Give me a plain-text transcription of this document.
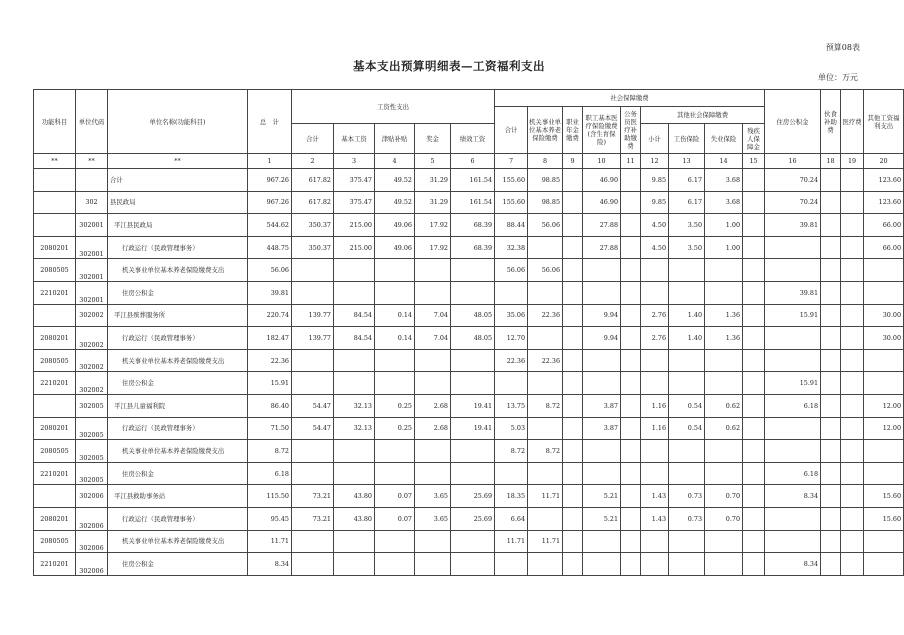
预算08表
基本支出预算明细表—工资福利支出
单位：万元
功能科目	单位代码	单位名称(功能科目)	总　计	工资性支出					社会保障缴费									住房公积金	伙食补助费	医疗费	其他工资福利支出
									合计	机关事业单位基本养老保险缴费	职业年金缴费	职工基本医疗保险缴费(含生育保险)	公务员医疗补助缴费	其他社会保障缴费							
				合计	基本工资	津贴补贴	奖金	绩效工资						小计	工伤保险	失业保险	残疾人保障金				
**	**	**	1	2	3	4	5	6	7	8	9	10	11	12	13	14	15	16	18	19	20
		合计	967.26	617.82	375.47	49.52	31.29	161.54	155.60	98.85		46.90		9.85	6.17	3.68		70.24			123.60
	302	县民政局	967.26	617.82	375.47	49.52	31.29	161.54	155.60	98.85		46.90		9.85	6.17	3.68		70.24			123.60
	302001	平江县民政局	544.62	350.37	215.00	49.06	17.92	68.39	88.44	56.06		27.88		4.50	3.50	1.00		39.81			66.00
2080201	302001	行政运行（民政管理事务）	448.75	350.37	215.00	49.06	17.92	68.39	32.38			27.88		4.50	3.50	1.00					66.00
2080505	302001	机关事业单位基本养老保险缴费支出	56.06						56.06	56.06											
2210201	302001	住房公积金	39.81															39.81			
	302002	平江县殡葬服务所	220.74	139.77	84.54	0.14	7.04	48.05	35.06	22.36		9.94		2.76	1.40	1.36		15.91			30.00
2080201	302002	行政运行（民政管理事务）	182.47	139.77	84.54	0.14	7.04	48.05	12.70			9.94		2.76	1.40	1.36					30.00
2080505	302002	机关事业单位基本养老保险缴费支出	22.36						22.36	22.36											
2210201	302002	住房公积金	15.91															15.91			
	302005	平江县儿童福利院	86.40	54.47	32.13	0.25	2.68	19.41	13.75	8.72		3.87		1.16	0.54	0.62		6.18			12.00
2080201	302005	行政运行（民政管理事务）	71.50	54.47	32.13	0.25	2.68	19.41	5.03			3.87		1.16	0.54	0.62					12.00
2080505	302005	机关事业单位基本养老保险缴费支出	8.72						8.72	8.72											
2210201	302005	住房公积金	6.18															6.18			
	302006	平江县救助事务站	115.50	73.21	43.80	0.07	3.65	25.69	18.35	11.71		5.21		1.43	0.73	0.70		8.34			15.60
2080201	302006	行政运行（民政管理事务）	95.45	73.21	43.80	0.07	3.65	25.69	6.64			5.21		1.43	0.73	0.70					15.60
2080505	302006	机关事业单位基本养老保险缴费支出	11.71						11.71	11.71											
2210201	302006	住房公积金	8.34															8.34			
